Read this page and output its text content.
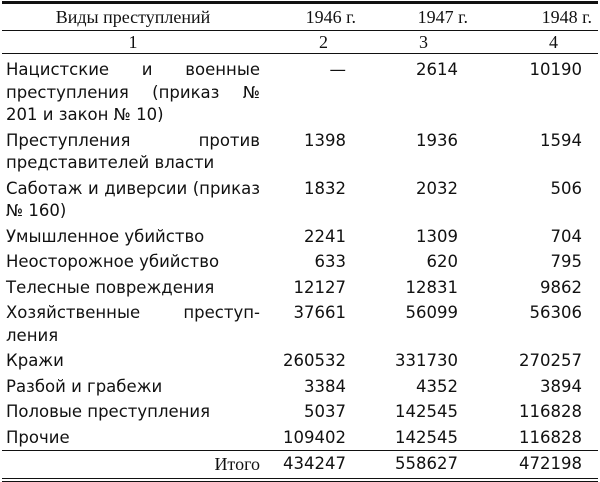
Виды преступлений	1946 г.	1947 г.	1948 г.
1	2	3	4
Нацистские и военные преступления (приказ № 201 и закон № 10)	—	2614	10190
Преступления против представителей власти	1398	1936	1594
Саботаж и диверсии (приказ № 160)	1832	2032	506
Умышленное убийство	2241	1309	704
Неосторожное убийство	633	620	795
Телесные повреждения	12127	12831	9862
Хозяйственные преступ-ления	37661	56099	56306
Кражи	260532	331730	270257
Разбой и грабежи	3384	4352	3894
Половые преступления	5037	142545	116828
Прочие	109402	142545	116828
Итого	434247	558627	472198
